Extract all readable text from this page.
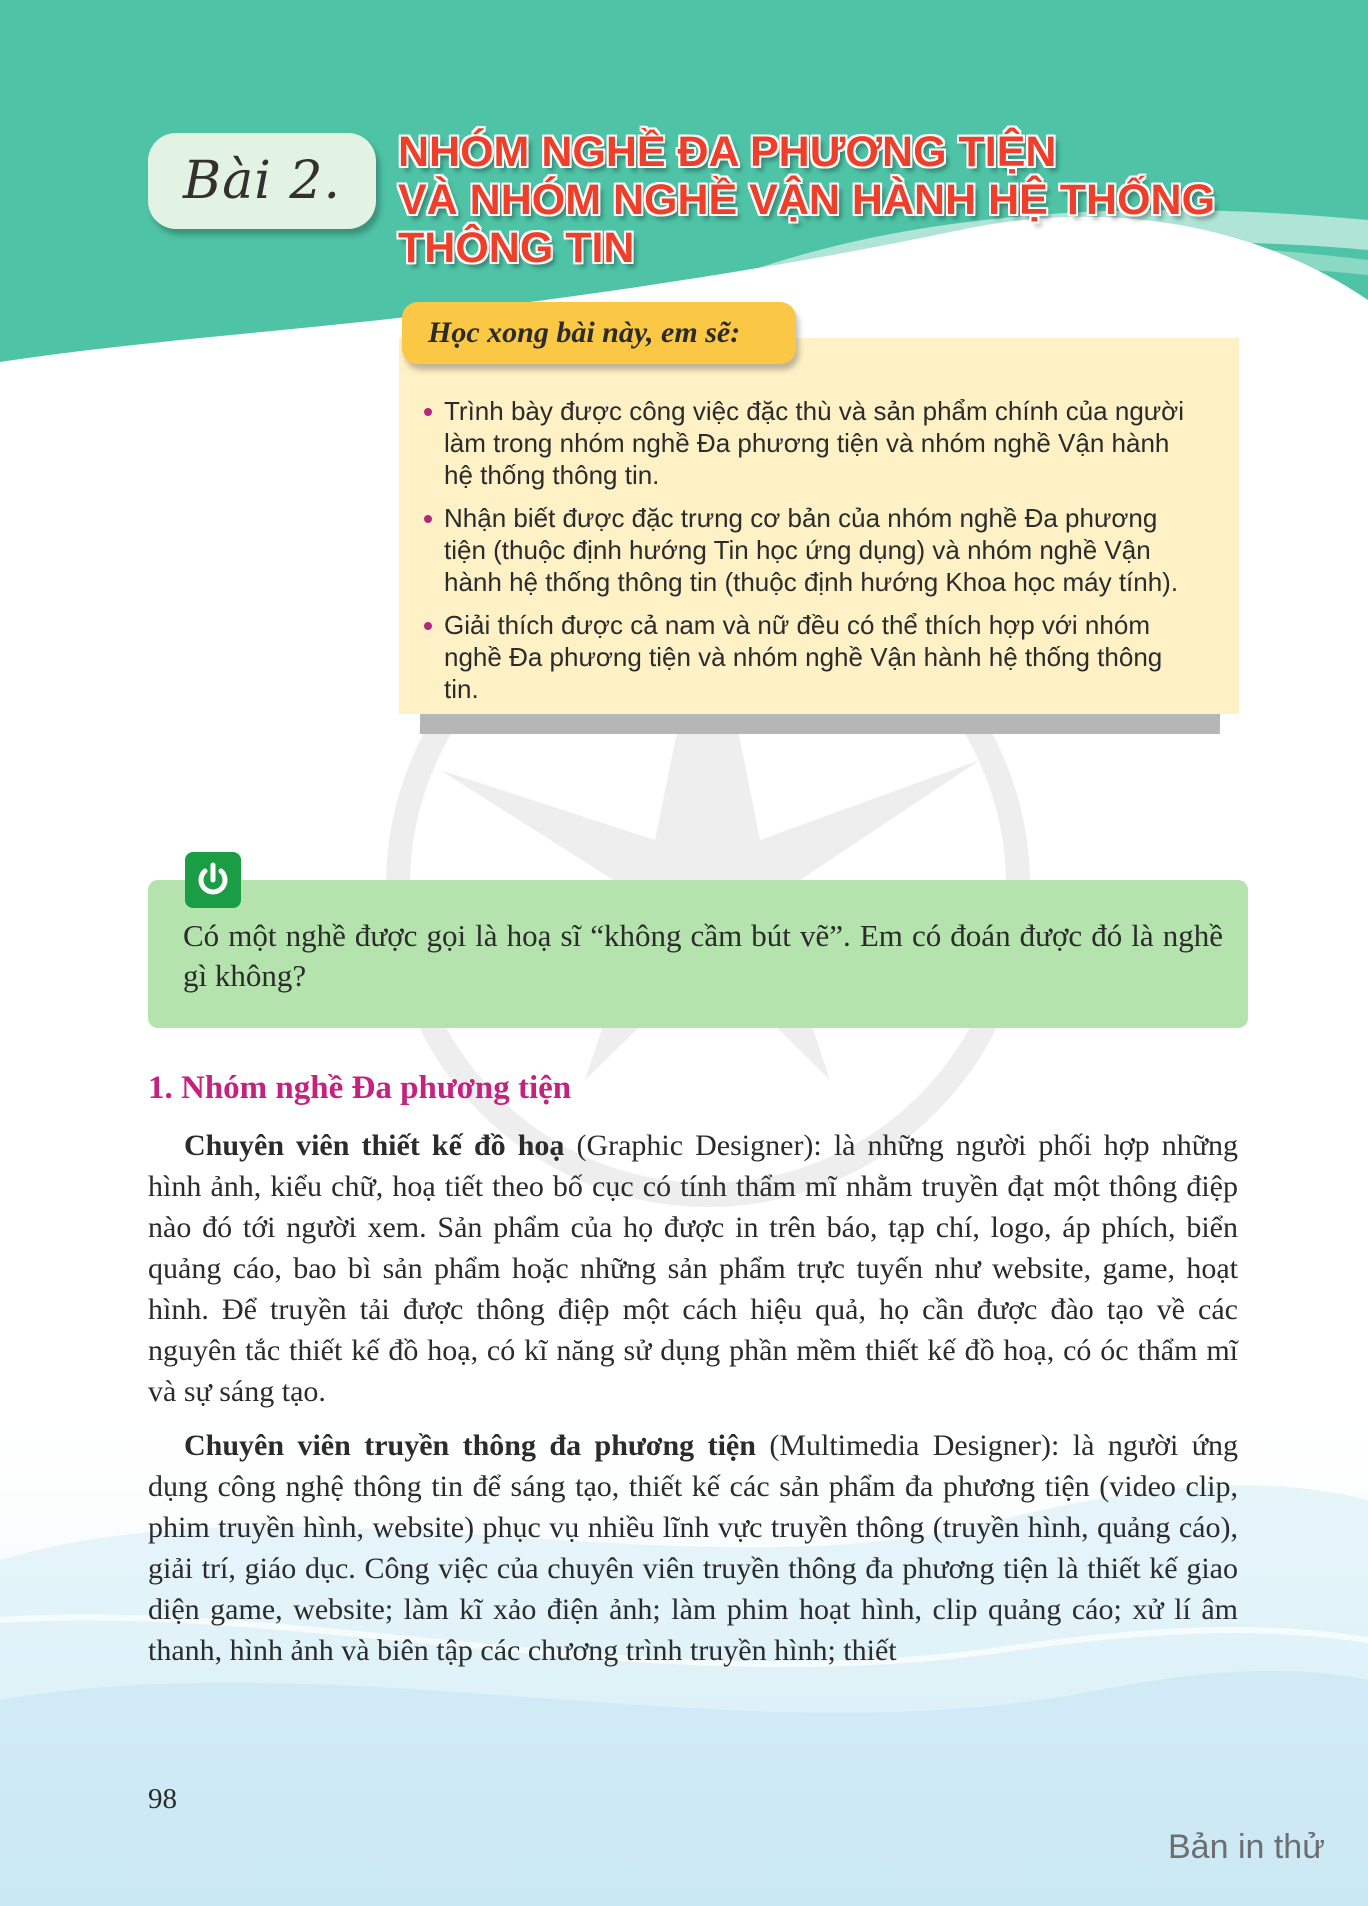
Bài 2. NHÓM NGHỀ ĐA PHƯƠNG TIỆN
VÀ NHÓM NGHỀ VẬN HÀNH HỆ THỐNG
THÔNG TIN
Học xong bài này, em sẽ:
Trình bày được công việc đặc thù và sản phẩm chính của người làm trong nhóm nghề Đa phương tiện và nhóm nghề Vận hành hệ thống thông tin.
Nhận biết được đặc trưng cơ bản của nhóm nghề Đa phương tiện (thuộc định hướng Tin học ứng dụng) và nhóm nghề Vận hành hệ thống thông tin (thuộc định hướng Khoa học máy tính).
Giải thích được cả nam và nữ đều có thể thích hợp với nhóm nghề Đa phương tiện và nhóm nghề Vận hành hệ thống thông tin.
Có một nghề được gọi là hoạ sĩ “không cầm bút vẽ”. Em có đoán được đó là nghề gì không?
1. Nhóm nghề Đa phương tiện

Chuyên viên thiết kế đồ hoạ (Graphic Designer): là những người phối hợp những hình ảnh, kiểu chữ, hoạ tiết theo bố cục có tính thẩm mĩ nhằm truyền đạt một thông điệp nào đó tới người xem. Sản phẩm của họ được in trên báo, tạp chí, logo, áp phích, biển quảng cáo, bao bì sản phẩm hoặc những sản phẩm trực tuyến như website, game, hoạt hình. Để truyền tải được thông điệp một cách hiệu quả, họ cần được đào tạo về các nguyên tắc thiết kế đồ hoạ, có kĩ năng sử dụng phần mềm thiết kế đồ hoạ, có óc thẩm mĩ và sự sáng tạo.

Chuyên viên truyền thông đa phương tiện (Multimedia Designer): là người ứng dụng công nghệ thông tin để sáng tạo, thiết kế các sản phẩm đa phương tiện (video clip, phim truyền hình, website) phục vụ nhiều lĩnh vực truyền thông (truyền hình, quảng cáo), giải trí, giáo dục. Công việc của chuyên viên truyền thông đa phương tiện là thiết kế giao diện game, website; làm kĩ xảo điện ảnh; làm phim hoạt hình, clip quảng cáo; xử lí âm thanh, hình ảnh và biên tập các chương trình truyền hình; thiết

98
Bản in thử
